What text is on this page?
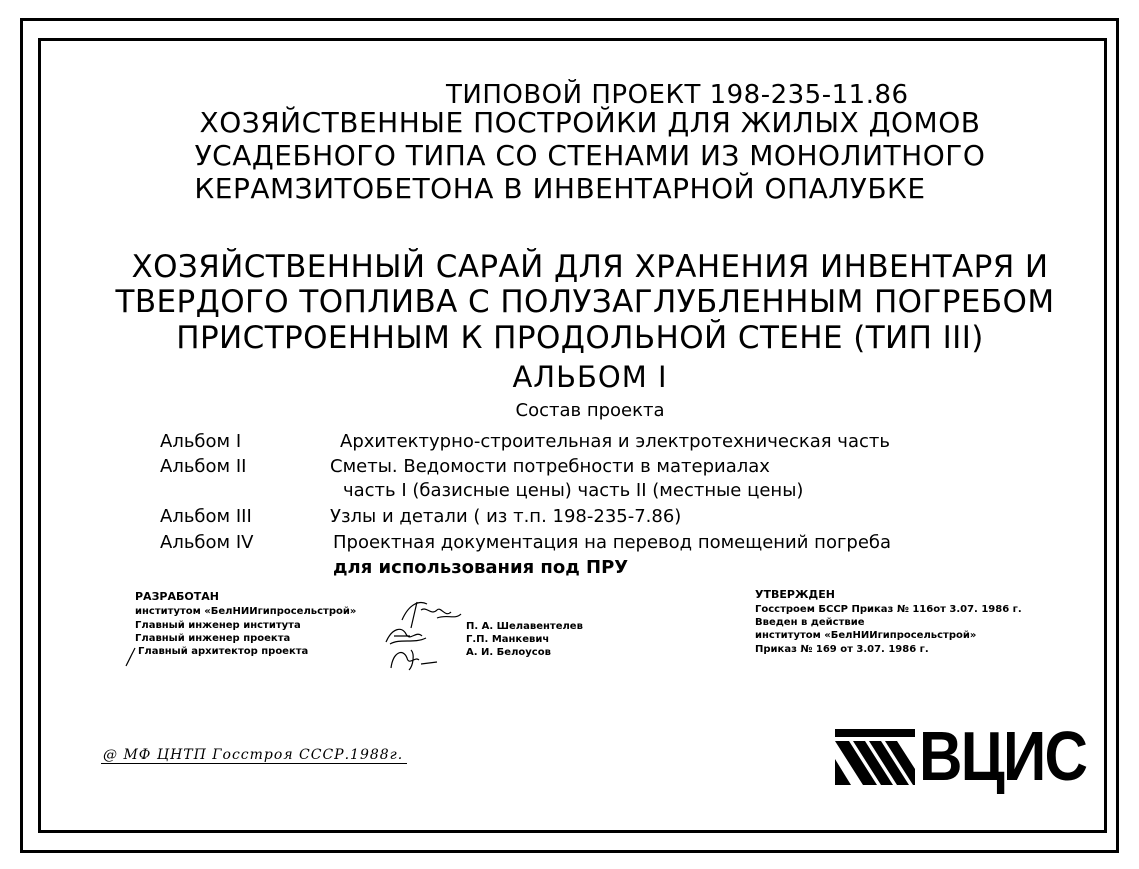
ТИПОВОЙ ПРОЕКТ 198-235-11.86

ХОЗЯЙСТВЕННЫЕ ПОСТРОЙКИ ДЛЯ ЖИЛЫХ ДОМОВ

УСАДЕБНОГО ТИПА СО СТЕНАМИ ИЗ МОНОЛИТНОГО

КЕРАМЗИТОБЕТОНА В ИНВЕНТАРНОЙ ОПАЛУБКЕ

ХОЗЯЙСТВЕННЫЙ САРАЙ ДЛЯ ХРАНЕНИЯ ИНВЕНТАРЯ И

ТВЕРДОГО ТОПЛИВА С ПОЛУЗАГЛУБЛЕННЫМ ПОГРЕБОМ

ПРИСТРОЕННЫМ К ПРОДОЛЬНОЙ СТЕНЕ (ТИП III)

АЛЬБОМ I

Состав проекта

Альбом I	Архитектурно-строительная и электротехническая часть
Альбом II	Сметы. Ведомости потребности в материалах
часть I (базисные цены) часть II (местные цены)
Альбом III	Узлы и детали ( из т.п. 198-235-7.86)
Альбом IV	Проектная документация на перевод помещений погреба
для использования под ПРУ

РАЗРАБОТАН

институтом «БелНИИгипросельстрой»

Главный инженер института

Главный инженер проекта

Главный архитектор проекта

П. А. Шелавентелев

Г.П. Манкевич

А. И. Белоусов

УТВЕРЖДЕН

Госстроем БССР Приказ № 116от 3.07. 1986 г.

Введен в действие

институтом «БелНИИгипросельстрой»

Приказ № 169 от 3.07. 1986 г.

@ МФ ЦНТП Госстроя СССР.1988г.	ВЦИС
